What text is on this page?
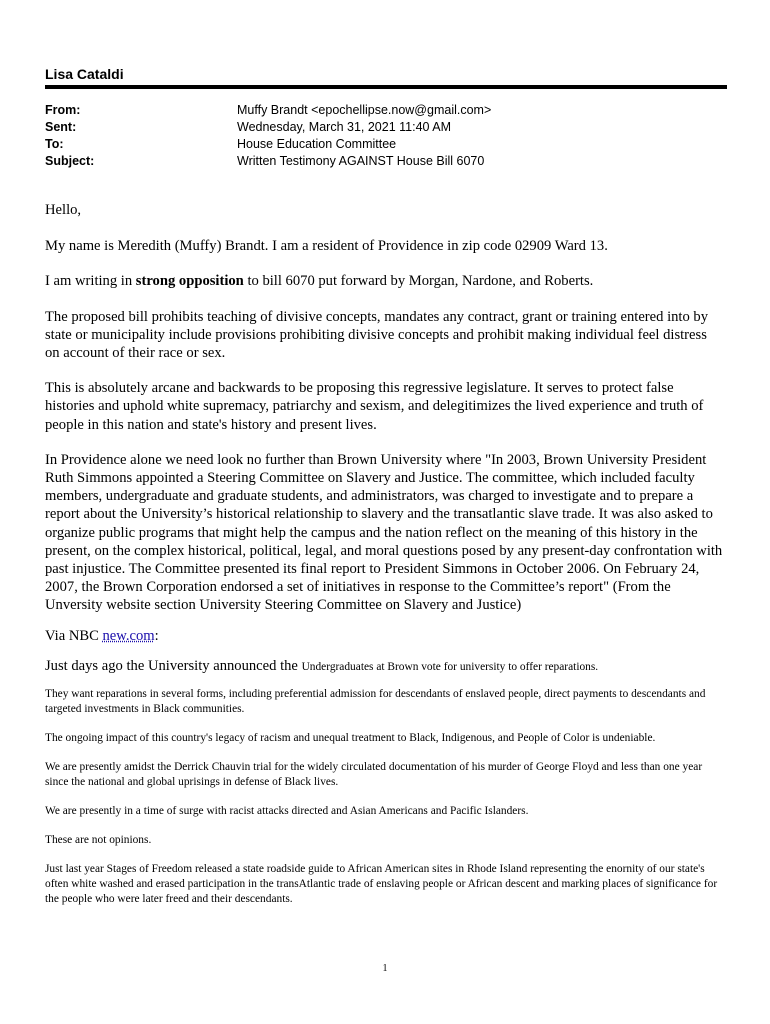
Lisa Cataldi
From:	Muffy Brandt <epochellipse.now@gmail.com>
Sent:	Wednesday, March 31, 2021 11:40 AM
To:	House Education Committee
Subject:	Written Testimony AGAINST House Bill 6070

Hello,

My name is Meredith (Muffy) Brandt. I am a resident of Providence in zip code 02909 Ward 13.

I am writing in strong opposition to bill 6070 put forward by Morgan, Nardone, and Roberts.

The proposed bill prohibits teaching of divisive concepts, mandates any contract, grant or training entered into by state or municipality include provisions prohibiting divisive concepts and prohibit making individual feel distress on account of their race or sex.

This is absolutely arcane and backwards to be proposing this regressive legislature. It serves to protect false histories and uphold white supremacy, patriarchy and sexism, and delegitimizes the lived experience and truth of people in this nation and state's history and present lives.

In Providence alone we need look no further than Brown University where "In 2003, Brown University President Ruth Simmons appointed a Steering Committee on Slavery and Justice. The committee, which included faculty members, undergraduate and graduate students, and administrators, was charged to investigate and to prepare a report about the University’s historical relationship to slavery and the transatlantic slave trade. It was also asked to organize public programs that might help the campus and the nation reflect on the meaning of this history in the present, on the complex historical, political, legal, and moral questions posed by any present-day confrontation with past injustice. The Committee presented its final report to President Simmons in October 2006. On February 24, 2007, the Brown Corporation endorsed a set of initiatives in response to the Committee’s report" (From the Unversity website section University Steering Committee on Slavery and Justice)

Via NBC new.com:

Just days ago the University announced the Undergraduates at Brown vote for university to offer reparations.

They want reparations in several forms, including preferential admission for descendants of enslaved people, direct payments to descendants and targeted investments in Black communities.

The ongoing impact of this country's legacy of racism and unequal treatment to Black, Indigenous, and People of Color is undeniable.

We are presently amidst the Derrick Chauvin trial for the widely circulated documentation of his murder of George Floyd and less than one year since the national and global uprisings in defense of Black lives.

We are presently in a time of surge with racist attacks directed and Asian Americans and Pacific Islanders.

These are not opinions.

Just last year Stages of Freedom released a state roadside guide to African American sites in Rhode Island representing the enornity of our state's often white washed and erased participation in the transAtlantic trade of enslaving people or African descent and marking places of significance for the people who were later freed and their descendants.

1
